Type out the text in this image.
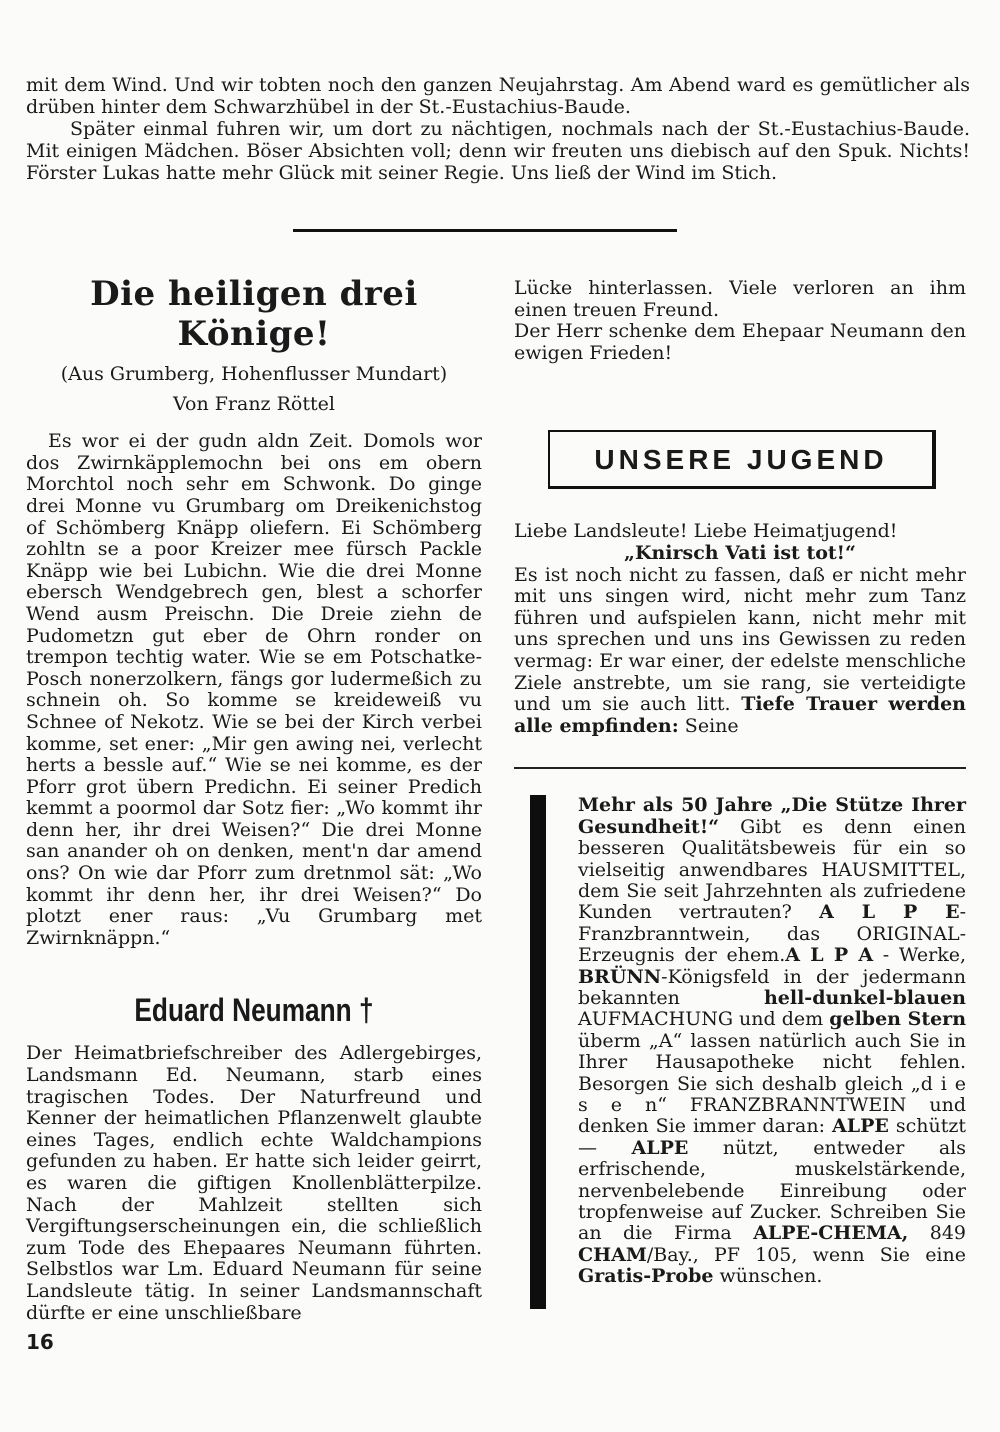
mit dem Wind. Und wir tobten noch den ganzen Neujahrstag. Am Abend ward es gemütlicher als drüben hinter dem Schwarzhübel in der St.-Eustachius-Baude.

Später einmal fuhren wir, um dort zu nächtigen, nochmals nach der St.-Eustachius-Baude. Mit einigen Mädchen. Böser Absichten voll; denn wir freuten uns diebisch auf den Spuk. Nichts! Förster Lukas hatte mehr Glück mit seiner Regie. Uns ließ der Wind im Stich.

Die heiligen drei Könige!

(Aus Grumberg, Hohenflusser Mundart)

Von Franz Röttel

Es wor ei der gudn aldn Zeit. Domols wor dos Zwirnkäpplemochn bei ons em obern Morchtol noch sehr em Schwonk. Do ginge drei Monne vu Grumbarg om Dreikenichstog of Schömberg Knäpp oliefern. Ei Schömberg zohltn se a poor Kreizer mee fürsch Packle Knäpp wie bei Lubichn. Wie die drei Monne ebersch Wendgebrech gen, blest a schorfer Wend ausm Preischn. Die Dreie ziehn de Pudometzn gut eber de Ohrn ronder on trempon techtig water. Wie se em Potschatke-Posch nonerzolkern, fängs gor ludermeßich zu schnein oh. So komme se kreideweiß vu Schnee of Nekotz. Wie se bei der Kirch verbei komme, set ener: „Mir gen awing nei, verlecht herts a bessle auf.“ Wie se nei komme, es der Pforr grot übern Predichn. Ei seiner Predich kemmt a poormol dar Sotz fier: „Wo kommt ihr denn her, ihr drei Weisen?“ Die drei Monne san anander oh on denken, ment'n dar amend ons? On wie dar Pforr zum dretnmol sät: „Wo kommt ihr denn her, ihr drei Weisen?“ Do plotzt ener raus: „Vu Grumbarg met Zwirnknäppn.“

Eduard Neumann †

Der Heimatbriefschreiber des Adlergebirges, Landsmann Ed. Neumann, starb eines tragischen Todes. Der Naturfreund und Kenner der heimatlichen Pflanzenwelt glaubte eines Tages, endlich echte Waldchampions gefunden zu haben. Er hatte sich leider geirrt, es waren die giftigen Knollenblätterpilze. Nach der Mahlzeit stellten sich Vergiftungserscheinungen ein, die schließlich zum Tode des Ehepaares Neumann führten. Selbstlos war Lm. Eduard Neumann für seine Landsleute tätig. In seiner Landsmannschaft dürfte er eine unschließbare

Lücke hinterlassen. Viele verloren an ihm einen treuen Freund.

Der Herr schenke dem Ehepaar Neumann den ewigen Frieden!

UNSERE JUGEND

Liebe Landsleute! Liebe Heimatjugend!

„Knirsch Vati ist tot!“

Es ist noch nicht zu fassen, daß er nicht mehr mit uns singen wird, nicht mehr zum Tanz führen und aufspielen kann, nicht mehr mit uns sprechen und uns ins Gewissen zu reden vermag: Er war einer, der edelste menschliche Ziele anstrebte, um sie rang, sie verteidigte und um sie auch litt. Tiefe Trauer werden alle empfinden: Seine

Mehr als 50 Jahre „Die Stütze Ihrer Gesundheit!“ Gibt es denn einen besseren Qualitätsbeweis für ein so vielseitig anwendbares HAUSMITTEL, dem Sie seit Jahrzehnten als zufriedene Kunden vertrauten? A L P E-Franzbranntwein, das ORIGINAL-Erzeugnis der ehem.A L P A - Werke, BRÜNN-Königsfeld in der jedermann bekannten hell-dunkel-blauen AUFMACHUNG und dem gelben Stern überm „A“ lassen natürlich auch Sie in Ihrer Hausapotheke nicht fehlen. Besorgen Sie sich deshalb gleich „d i e s e n“ FRANZBRANNTWEIN und denken Sie immer daran: ALPE schützt — ALPE nützt, entweder als erfrischende, muskelstärkende, nervenbelebende Einreibung oder tropfenweise auf Zucker. Schreiben Sie an die Firma ALPE-CHEMA, 849 CHAM/Bay., PF 105, wenn Sie eine Gratis-Probe wünschen.

16
